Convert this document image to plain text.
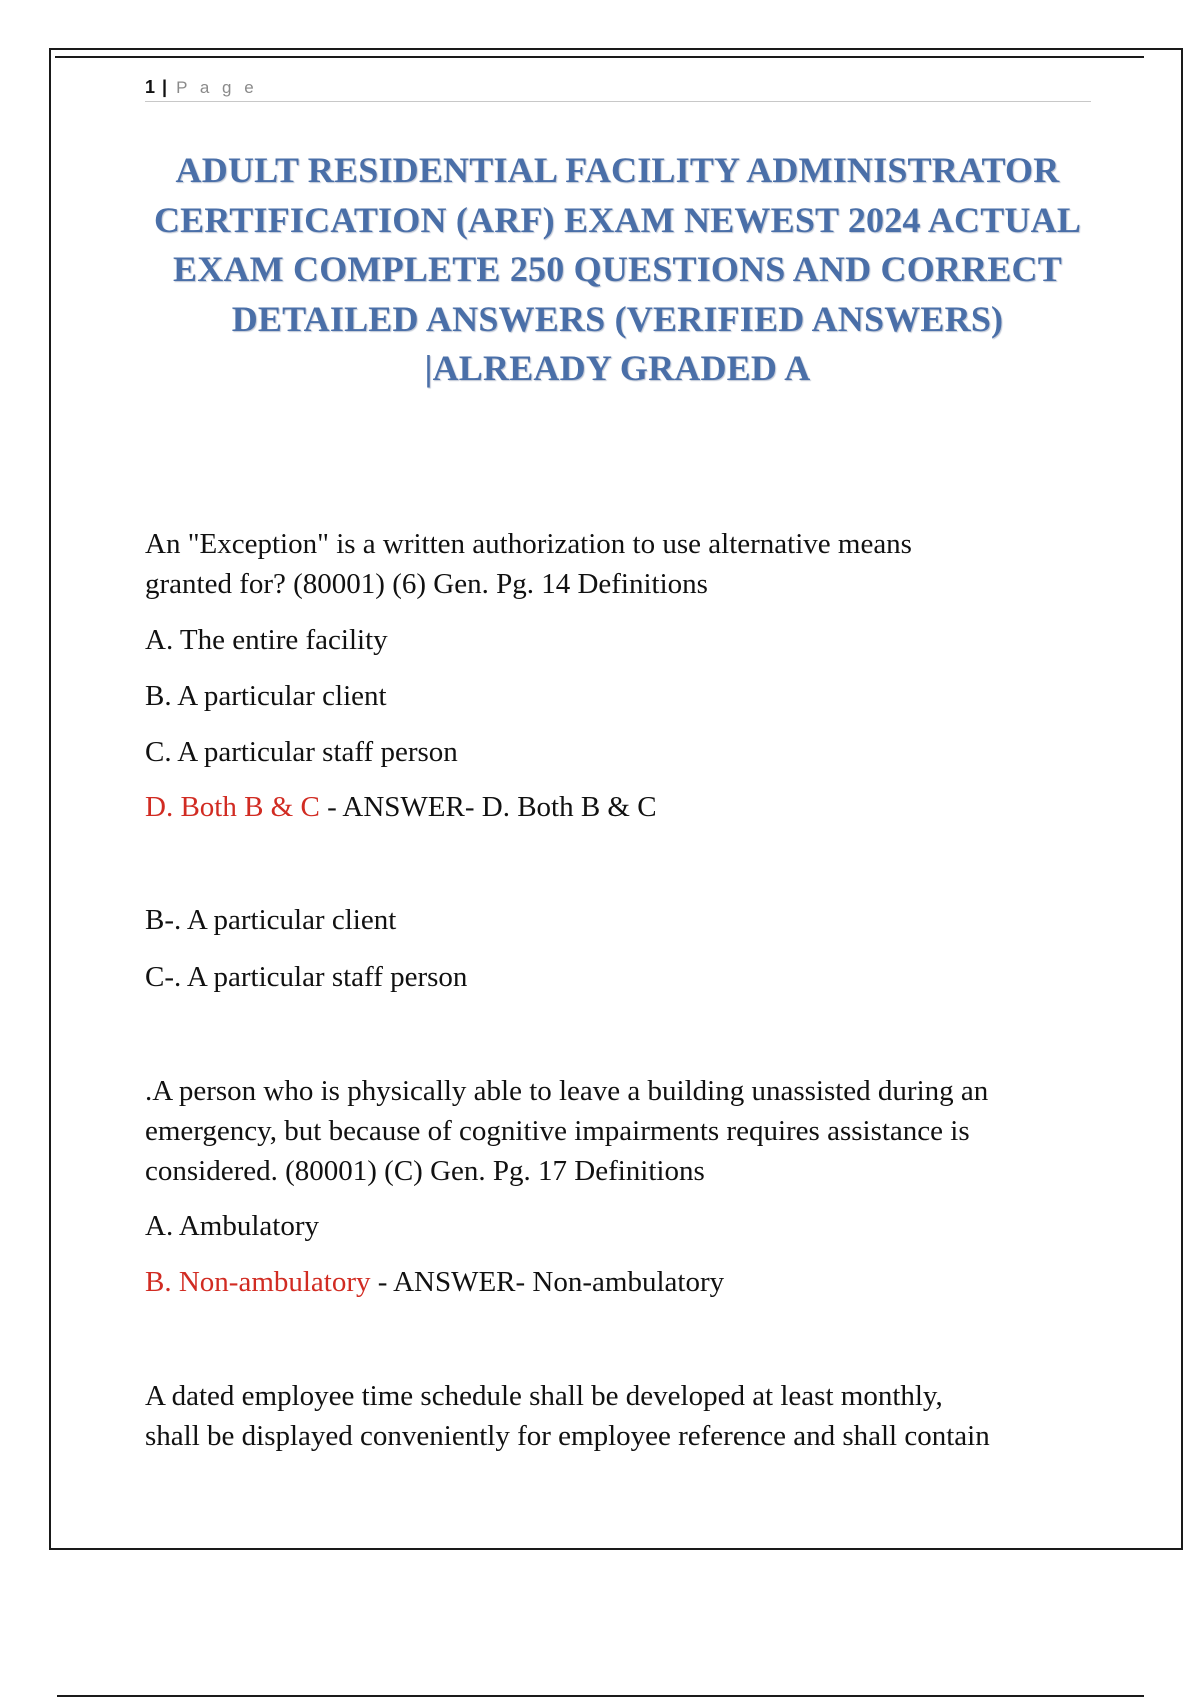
1 | P a g e
ADULT RESIDENTIAL FACILITY ADMINISTRATOR
CERTIFICATION (ARF) EXAM NEWEST 2024 ACTUAL
EXAM COMPLETE 250 QUESTIONS AND CORRECT
DETAILED ANSWERS (VERIFIED ANSWERS)
|ALREADY GRADED A

An "Exception" is a written authorization to use alternative means

granted for? (80001) (6) Gen. Pg. 14 Definitions

A. The entire facility

B. A particular client

C. A particular staff person

D. Both B & C - ANSWER- D. Both B & C

B-. A particular client

C-. A particular staff person

.A person who is physically able to leave a building unassisted during an

emergency, but because of cognitive impairments requires assistance is

considered. (80001) (C) Gen. Pg. 17 Definitions

A. Ambulatory

B. Non-ambulatory - ANSWER- Non-ambulatory

A dated employee time schedule shall be developed at least monthly,

shall be displayed conveniently for employee reference and shall contain
